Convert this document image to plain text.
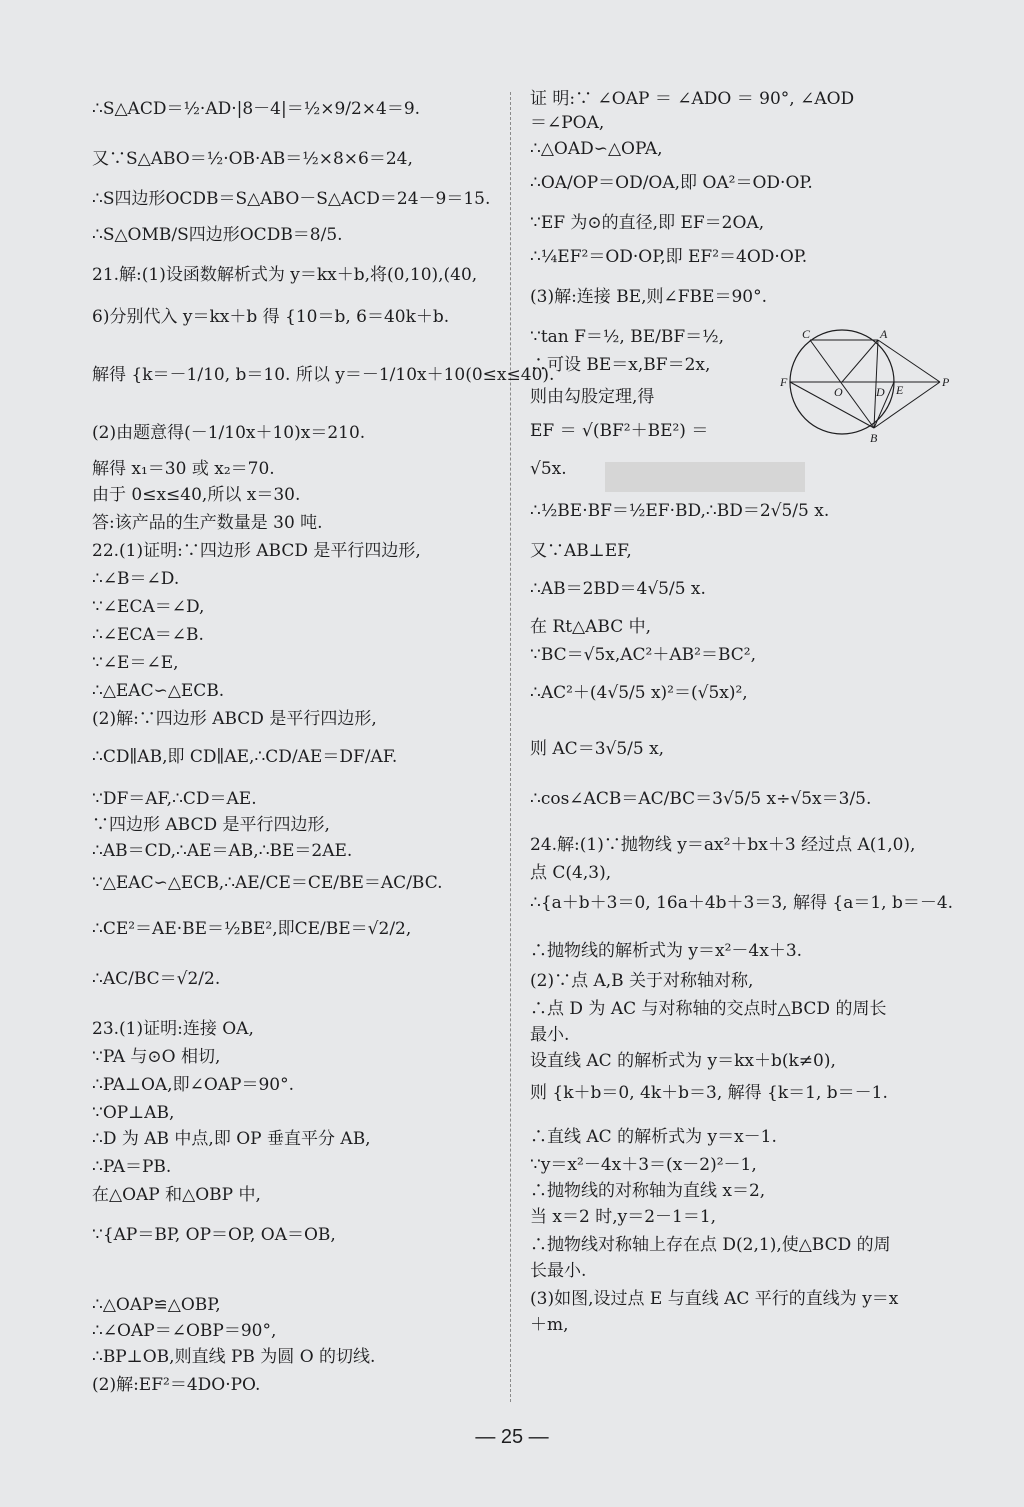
∴S△ACD＝½·AD·|8－4|＝½×9/2×4＝9.
又∵S△ABO＝½·OB·AB＝½×8×6＝24,
∴S四边形OCDB＝S△ABO－S△ACD＝24－9＝15.
∴S△OMB/S四边形OCDB＝8/5.
21.解:(1)设函数解析式为 y＝kx＋b,将(0,10),(40,
6)分别代入 y＝kx＋b 得 {10＝b, 6＝40k＋b.
解得 {k＝－1/10, b＝10. 所以 y＝－1/10x＋10(0≤x≤40).
(2)由题意得(－1/10x＋10)x＝210.
解得 x₁＝30 或 x₂＝70.
由于 0≤x≤40,所以 x＝30.
答:该产品的生产数量是 30 吨.
22.(1)证明:∵四边形 ABCD 是平行四边形,
∴∠B＝∠D.
∵∠ECA＝∠D,
∴∠ECA＝∠B.
∵∠E＝∠E,
∴△EAC∽△ECB.
(2)解:∵四边形 ABCD 是平行四边形,
∴CD∥AB,即 CD∥AE,∴CD/AE＝DF/AF.
∵DF＝AF,∴CD＝AE.
∵四边形 ABCD 是平行四边形,
∴AB＝CD,∴AE＝AB,∴BE＝2AE.
∵△EAC∽△ECB,∴AE/CE＝CE/BE＝AC/BC.
∴CE²＝AE·BE＝½BE²,即CE/BE＝√2/2,
∴AC/BC＝√2/2.
23.(1)证明:连接 OA,
∵PA 与⊙O 相切,
∴PA⊥OA,即∠OAP＝90°.
∵OP⊥AB,
∴D 为 AB 中点,即 OP 垂直平分 AB,
∴PA＝PB.
在△OAP 和△OBP 中,
∵{AP＝BP, OP＝OP, OA＝OB,
∴△OAP≌△OBP,
∴∠OAP＝∠OBP＝90°,
∴BP⊥OB,则直线 PB 为圆 O 的切线.
(2)解:EF²＝4DO·PO.
证 明:∵ ∠OAP ＝ ∠ADO ＝ 90°, ∠AOD
＝∠POA,
∴△OAD∽△OPA,
∴OA/OP＝OD/OA,即 OA²＝OD·OP.
∵EF 为⊙的直径,即 EF＝2OA,
∴¼EF²＝OD·OP,即 EF²＝4OD·OP.
(3)解:连接 BE,则∠FBE＝90°.
∵tan F＝½, BE/BF＝½,
∴可设 BE＝x,BF＝2x,
则由勾股定理,得
EF ＝ √(BF²＋BE²) ＝
√5x.
∴½BE·BF＝½EF·BD,∴BD＝2√5/5 x.
又∵AB⊥EF,
∴AB＝2BD＝4√5/5 x.
在 Rt△ABC 中,
∵BC＝√5x,AC²＋AB²＝BC²,
∴AC²＋(4√5/5 x)²＝(√5x)²,
则 AC＝3√5/5 x,
∴cos∠ACB＝AC/BC＝3√5/5 x÷√5x＝3/5.
24.解:(1)∵抛物线 y＝ax²＋bx＋3 经过点 A(1,0),
点 C(4,3),
∴{a＋b＋3＝0, 16a＋4b＋3＝3, 解得 {a＝1, b＝－4.
∴抛物线的解析式为 y＝x²－4x＋3.
(2)∵点 A,B 关于对称轴对称,
∴点 D 为 AC 与对称轴的交点时△BCD 的周长
最小.
设直线 AC 的解析式为 y＝kx＋b(k≠0),
则 {k＋b＝0, 4k＋b＝3, 解得 {k＝1, b＝－1.
∴直线 AC 的解析式为 y＝x－1.
∵y＝x²－4x＋3＝(x－2)²－1,
∴抛物线的对称轴为直线 x＝2,
当 x＝2 时,y＝2－1＝1,
∴抛物线对称轴上存在点 D(2,1),使△BCD 的周
长最小.
(3)如图,设过点 E 与直线 AC 平行的直线为 y＝x
＋m,
C	A
F
O	D E
P
B
— 25 —
